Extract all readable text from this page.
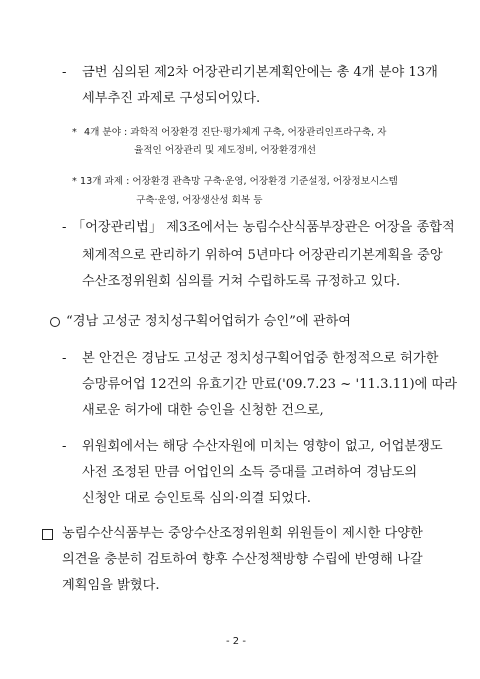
- 금번 심의된 제2차 어장관리기본계획안에는 총 4개 분야 13개
세부추진 과제로 구성되어있다.
* 4개 분야 : 과학적 어장환경 진단·평가체계 구축, 어장관리인프라구축, 자
율적인 어장관리 및 제도정비, 어장환경개선
* 13개 과제 : 어장환경 관측망 구축·운영, 어장환경 기준설정, 어장정보시스템
구축·운영, 어장생산성 회복 등
- 「어장관리법」 제3조에서는 농림수산식품부장관은 어장을 종합적
체계적으로 관리하기 위하여 5년마다 어장관리기본계획을 중앙
수산조정위원회 심의를 거쳐 수립하도록 규정하고 있다.
“경남 고성군 정치성구획어업허가 승인”에 관하여
- 본 안건은 경남도 고성군 정치성구획어업중 한정적으로 허가한
승망류어업 12건의 유효기간 만료('09.7.23 ~ '11.3.11)에 따라
새로운 허가에 대한 승인을 신청한 건으로,
- 위원회에서는 해당 수산자원에 미치는 영향이 없고, 어업분쟁도
사전 조정된 만큼 어업인의 소득 증대를 고려하여 경남도의
신청안 대로 승인토록 심의·의결 되었다.
농림수산식품부는 중앙수산조정위원회 위원들이 제시한 다양한
의견을 충분히 검토하여 향후 수산정책방향 수립에 반영해 나갈
계획임을 밝혔다.
- 2 -
